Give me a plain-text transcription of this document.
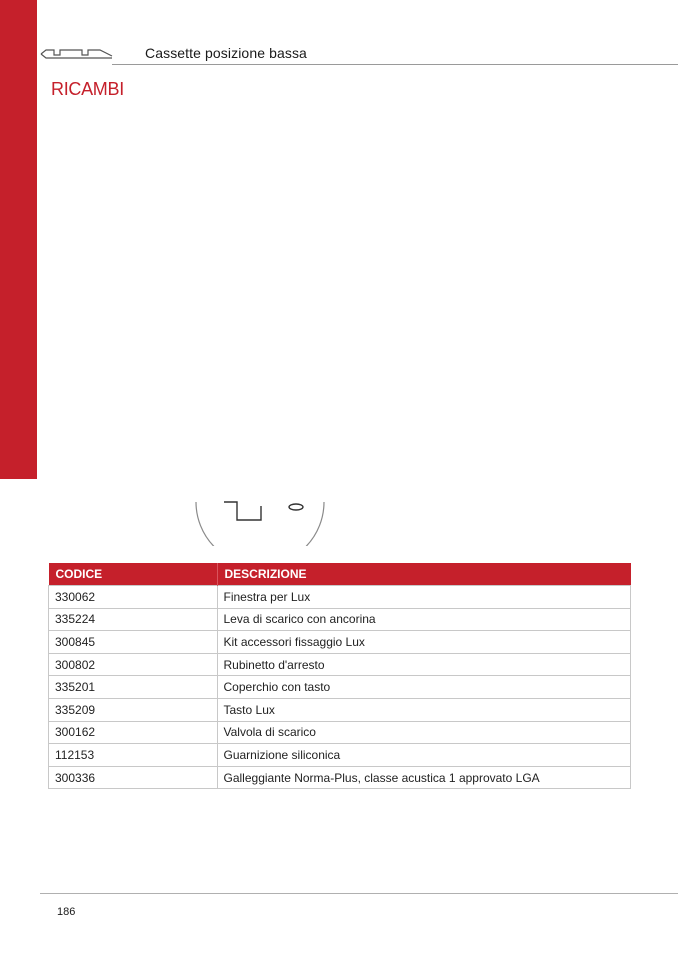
Cassette posizione bassa
RICAMBI
CODICE	DESCRIZIONE
330062	Finestra per Lux
335224	Leva di scarico con ancorina
300845	Kit accessori fissaggio Lux
300802	Rubinetto d'arresto
335201	Coperchio con tasto
335209	Tasto Lux
300162	Valvola di scarico
112153	Guarnizione siliconica
300336	Galleggiante Norma-Plus, classe acustica 1 approvato LGA
186
